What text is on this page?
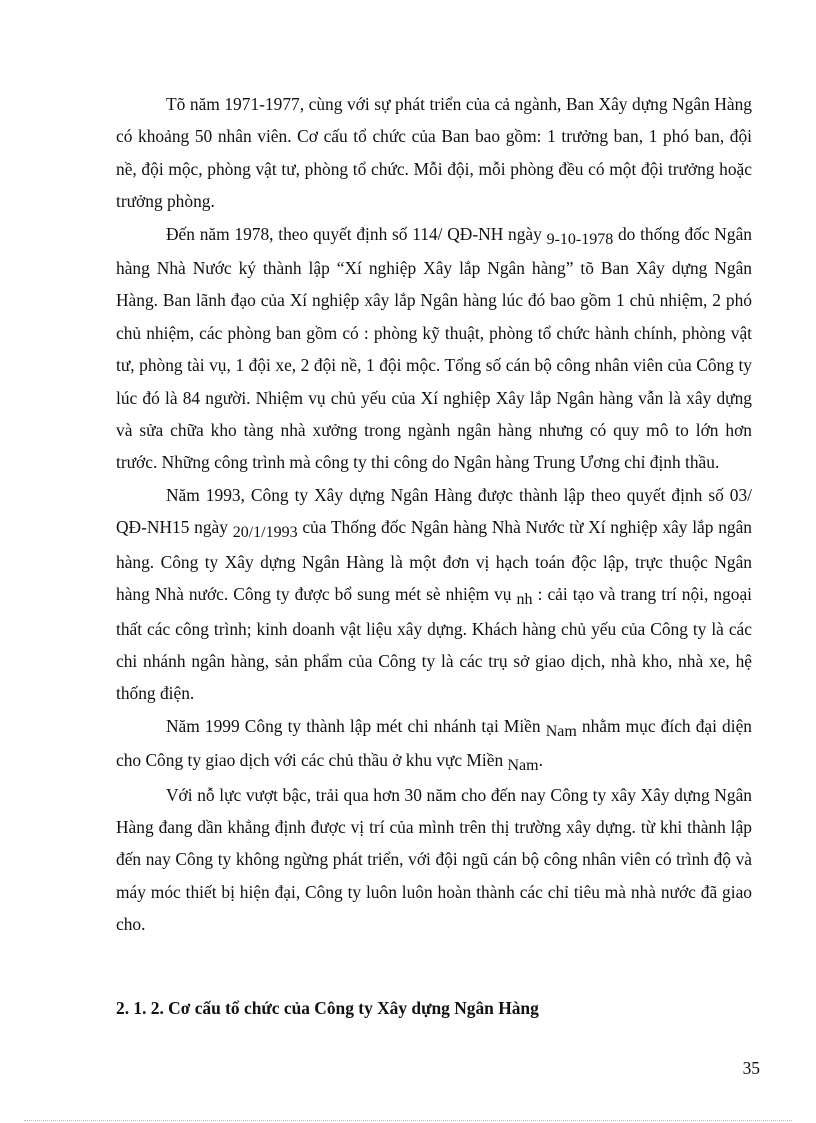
Tõ năm 1971-1977, cùng với sự phát triển của cả ngành, Ban Xây dựng Ngân Hàng có khoảng 50 nhân viên. Cơ cấu tổ chức của Ban bao gồm: 1 trưởng ban, 1 phó ban, đội nề, đội mộc, phòng vật tư, phòng tổ chức. Mỗi đội, mỗi phòng đều có một đội trưởng hoặc trưởng phòng.

Đến năm 1978, theo quyết định số 114/ QĐ-NH ngày 9-10-1978 do thống đốc Ngân hàng Nhà Nước ký thành lập “Xí nghiệp Xây lắp Ngân hàng” tõ Ban Xây dựng Ngân Hàng. Ban lãnh đạo của Xí nghiệp xây lắp Ngân hàng lúc đó bao gồm 1 chủ nhiệm, 2 phó chủ nhiệm, các phòng ban gồm có : phòng kỹ thuật, phòng tổ chức hành chính, phòng vật tư, phòng tài vụ, 1 đội xe, 2 đội nề, 1 đội mộc. Tổng số cán bộ công nhân viên của Công ty lúc đó là 84 người. Nhiệm vụ chủ yếu của Xí nghiệp Xây lắp Ngân hàng vẫn là xây dựng và sửa chữa kho tàng nhà xưởng trong ngành ngân hàng nhưng có quy mô to lớn hơn trước. Những công trình mà công ty thi công do Ngân hàng Trung Ương chỉ định thầu.

Năm 1993, Công ty Xây dựng Ngân Hàng được thành lập theo quyết định số 03/ QĐ-NH15 ngày 20/1/1993 của Thống đốc Ngân hàng Nhà Nước từ Xí nghiệp xây lắp ngân hàng. Công ty Xây dựng Ngân Hàng là một đơn vị hạch toán độc lập, trực thuộc Ngân hàng Nhà nước. Công ty được bổ sung mét sè nhiệm vụ nh : cải tạo và trang trí nội, ngoại thất các công trình; kinh doanh vật liệu xây dựng. Khách hàng chủ yếu của Công ty là các chi nhánh ngân hàng, sản phẩm của Công ty là các trụ sở giao dịch, nhà kho, nhà xe, hệ thống điện.

Năm 1999 Công ty thành lập mét chi nhánh tại Miền Nam nhằm mục đích đại diện cho Công ty giao dịch với các chủ thầu ở khu vực Miền Nam.

Với nỗ lực vượt bậc, trải qua hơn 30 năm cho đến nay Công ty xây Xây dựng Ngân Hàng đang dần khẳng định được vị trí của mình trên thị trường xây dựng. từ khi thành lập đến nay Công ty không ngừng phát triển, với đội ngũ cán bộ công nhân viên có trình độ và máy móc thiết bị hiện đại, Công ty luôn luôn hoàn thành các chỉ tiêu mà nhà nước đã giao cho.

2. 1. 2. Cơ cấu tổ chức của Công ty Xây dựng Ngân Hàng
35
